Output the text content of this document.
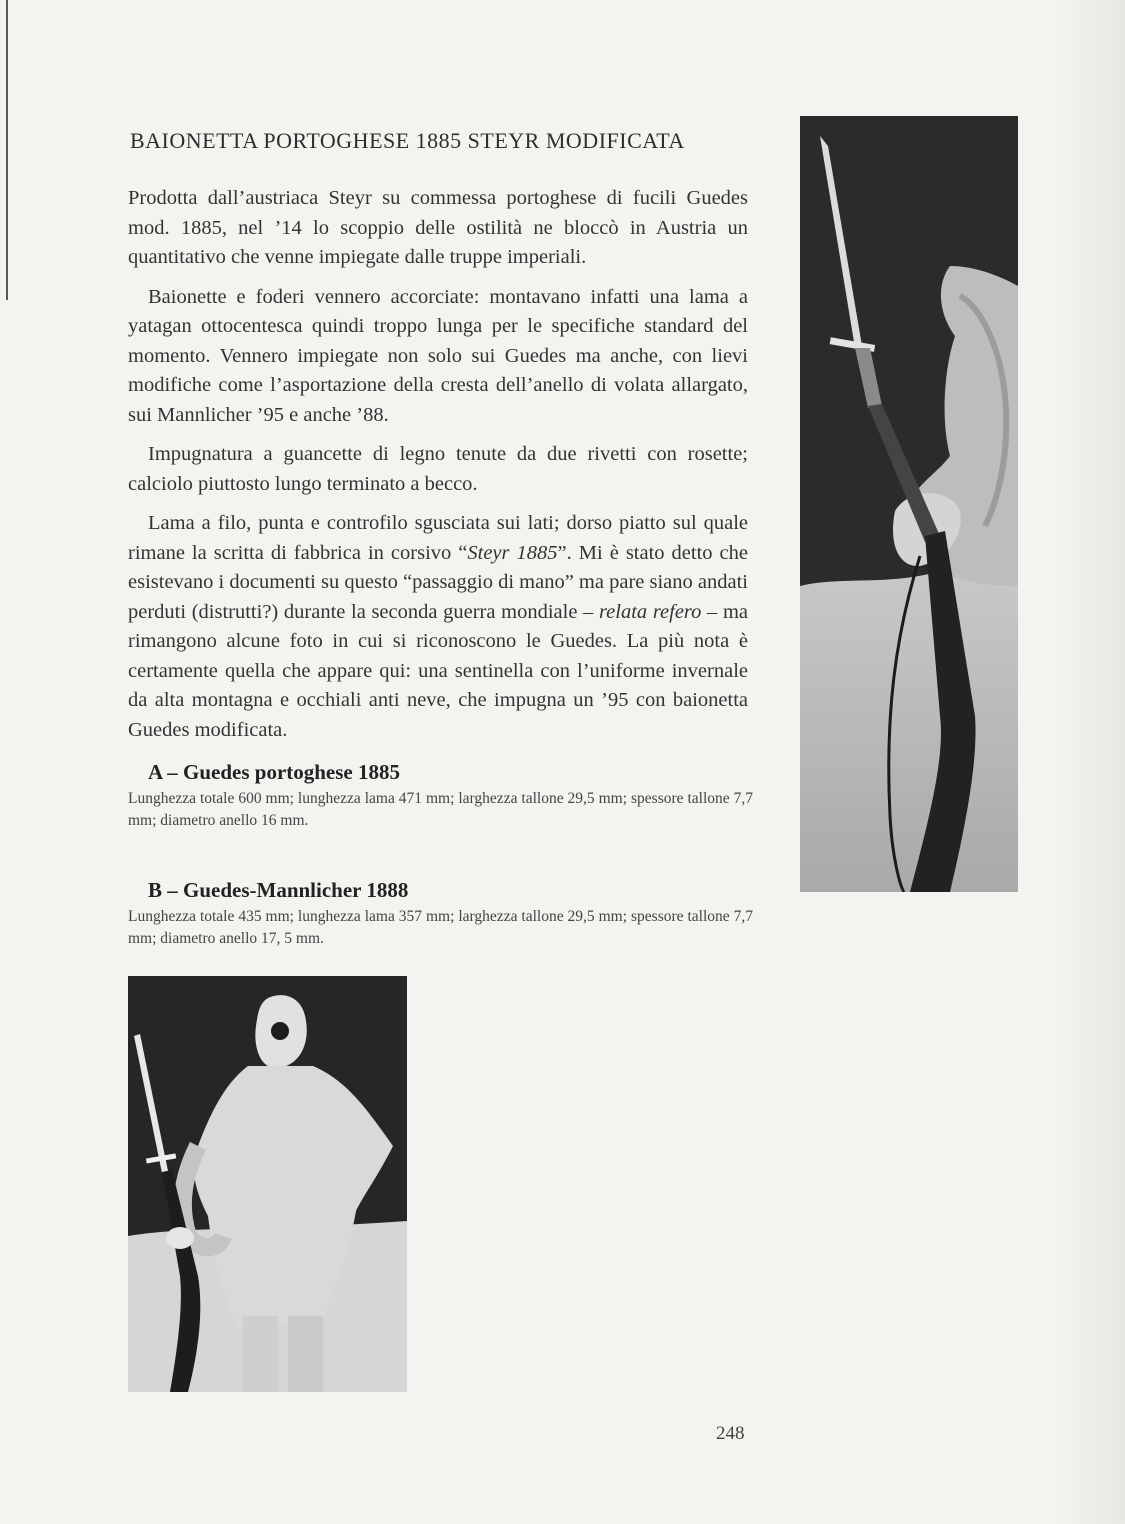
BAIONETTA PORTOGHESE 1885 STEYR MODIFICATA

Prodotta dall’austriaca Steyr su commessa portoghese di fucili Guedes mod. 1885, nel ’14 lo scoppio delle ostilità ne bloccò in Austria un quantitativo che venne impiegate dalle truppe imperiali.

Baionette e foderi vennero accorciate: montavano infatti una lama a yatagan ottocentesca quindi troppo lunga per le specifiche standard del momento. Vennero impiegate non solo sui Guedes ma anche, con lievi modifiche come l’asportazione della cresta dell’anello di volata allargato, sui Mannlicher ’95 e anche ’88.

Impugnatura a guancette di legno tenute da due rivetti con rosette; calciolo piuttosto lungo terminato a becco.

Lama a filo, punta e controfilo sgusciata sui lati; dorso piatto sul quale rimane la scritta di fabbrica in corsivo “Steyr 1885”. Mi è stato detto che esistevano i documenti su questo “passaggio di mano” ma pare siano andati perduti (distrutti?) durante la seconda guerra mondiale – relata refero – ma rimangono alcune foto in cui si riconoscono le Guedes. La più nota è certamente quella che appare qui: una sentinella con l’uniforme invernale da alta montagna e occhiali anti neve, che impugna un ’95 con baionetta Guedes modificata.

A – Guedes portoghese 1885
Lunghezza totale 600 mm; lunghezza lama 471 mm; larghezza tallone 29,5 mm; spessore tallone 7,7 mm; diametro anello 16 mm.
B – Guedes-Mannlicher 1888
Lunghezza totale 435 mm; lunghezza lama 357 mm; larghezza tallone 29,5 mm; spessore tallone 7,7 mm; diametro anello 17, 5 mm.
248
